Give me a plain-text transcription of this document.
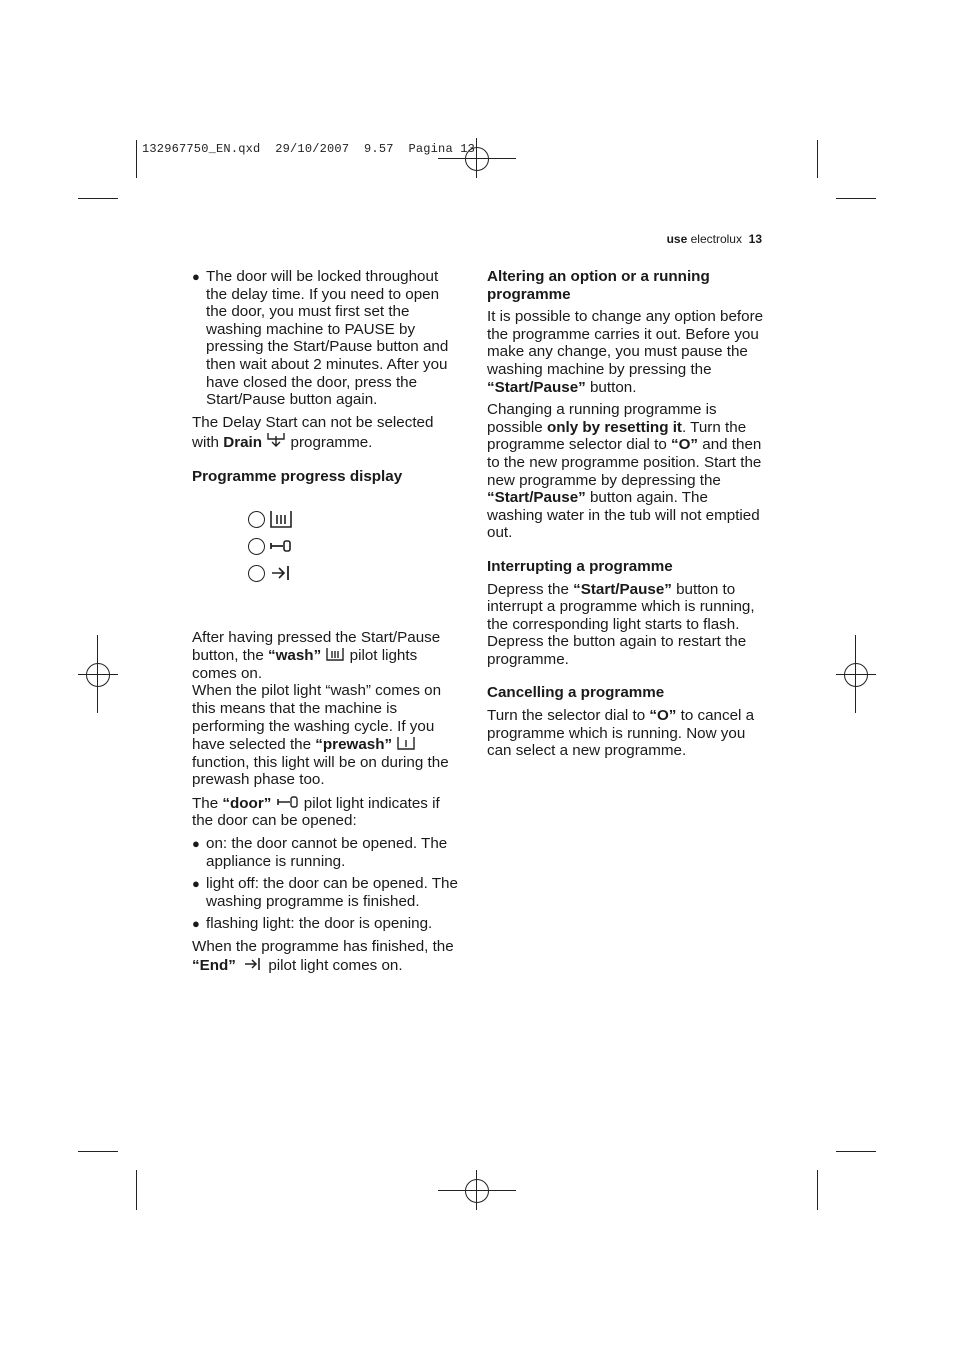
132967750_EN.qxd  29/10/2007  9.57  Pagina 13
use electrolux 13
● The door will be locked throughout the delay time. If you need to open the door, you must first set the washing machine to PAUSE by pressing the Start/Pause button and then wait about 2 minutes. After you have closed the door, press the Start/Pause button again.

The Delay Start can not be selected with Drain  programme.

Programme progress display

After having pressed the Start/Pause button, the “wash”  pilot lights comes on.

When the pilot light “wash” comes on this means that the machine is performing the washing cycle. If you have selected the “prewash”  function, this light will be on during the prewash phase too.

The “door”  pilot light indicates if the door can be opened:

● on: the door cannot be opened. The appliance is running.
● light off: the door can be opened. The washing programme is finished.
● flashing light: the door is opening.

When the programme has finished, the “End”  pilot light comes on.

Altering an option or a running programme

It is possible to change any option before the programme carries it out. Before you make any change, you must pause the washing machine by pressing the “Start/Pause” button.

Changing a running programme is possible only by resetting it. Turn the programme selector dial to “O” and then to the new programme position. Start the new programme by depressing the “Start/Pause” button again. The washing water in the tub will not emptied out.

Interrupting a programme

Depress the “Start/Pause” button to interrupt a programme which is running, the corresponding light starts to flash. Depress the button again to restart the programme.

Cancelling a programme

Turn the selector dial to “O” to cancel a programme which is running. Now you can select a new programme.
